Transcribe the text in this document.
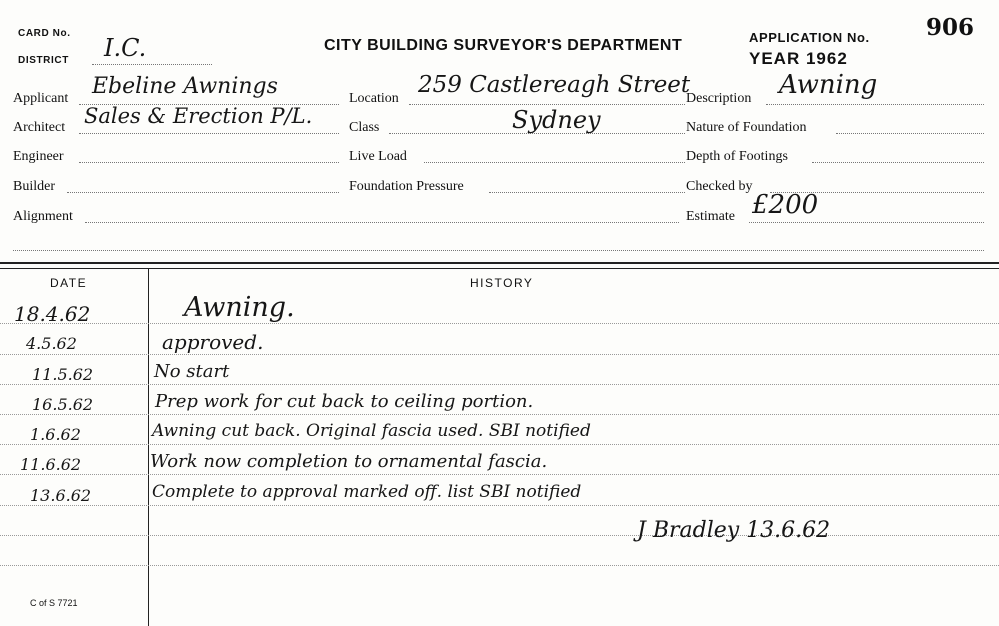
CARD No.
DISTRICT I.C.	CITY BUILDING SURVEYOR'S DEPARTMENT	APPLICATION No. 906
YEAR 1962
Applicant Ebeline Awnings
Architect Sales & Erection P/L.
Engineer
Builder
Alignment
Location
259 Castlereagh Street
Class	Sydney
Live Load
Foundation Pressure
Description Awning
Nature of Foundation
Depth of Footings
Checked by
Estimate £200
DATE	HISTORY
18.4.62	Awning.
4.5.62	approved.
11.5.62	No start
16.5.62	Prep work for cut back to ceiling portion.
1.6.62	Awning cut back. Original fascia used. SBI notified
11.6.62	Work now completion to ornamental fascia.
13.6.62	Complete to approval marked off. list SBI notified
J Bradley 13.6.62
C of S 7721
